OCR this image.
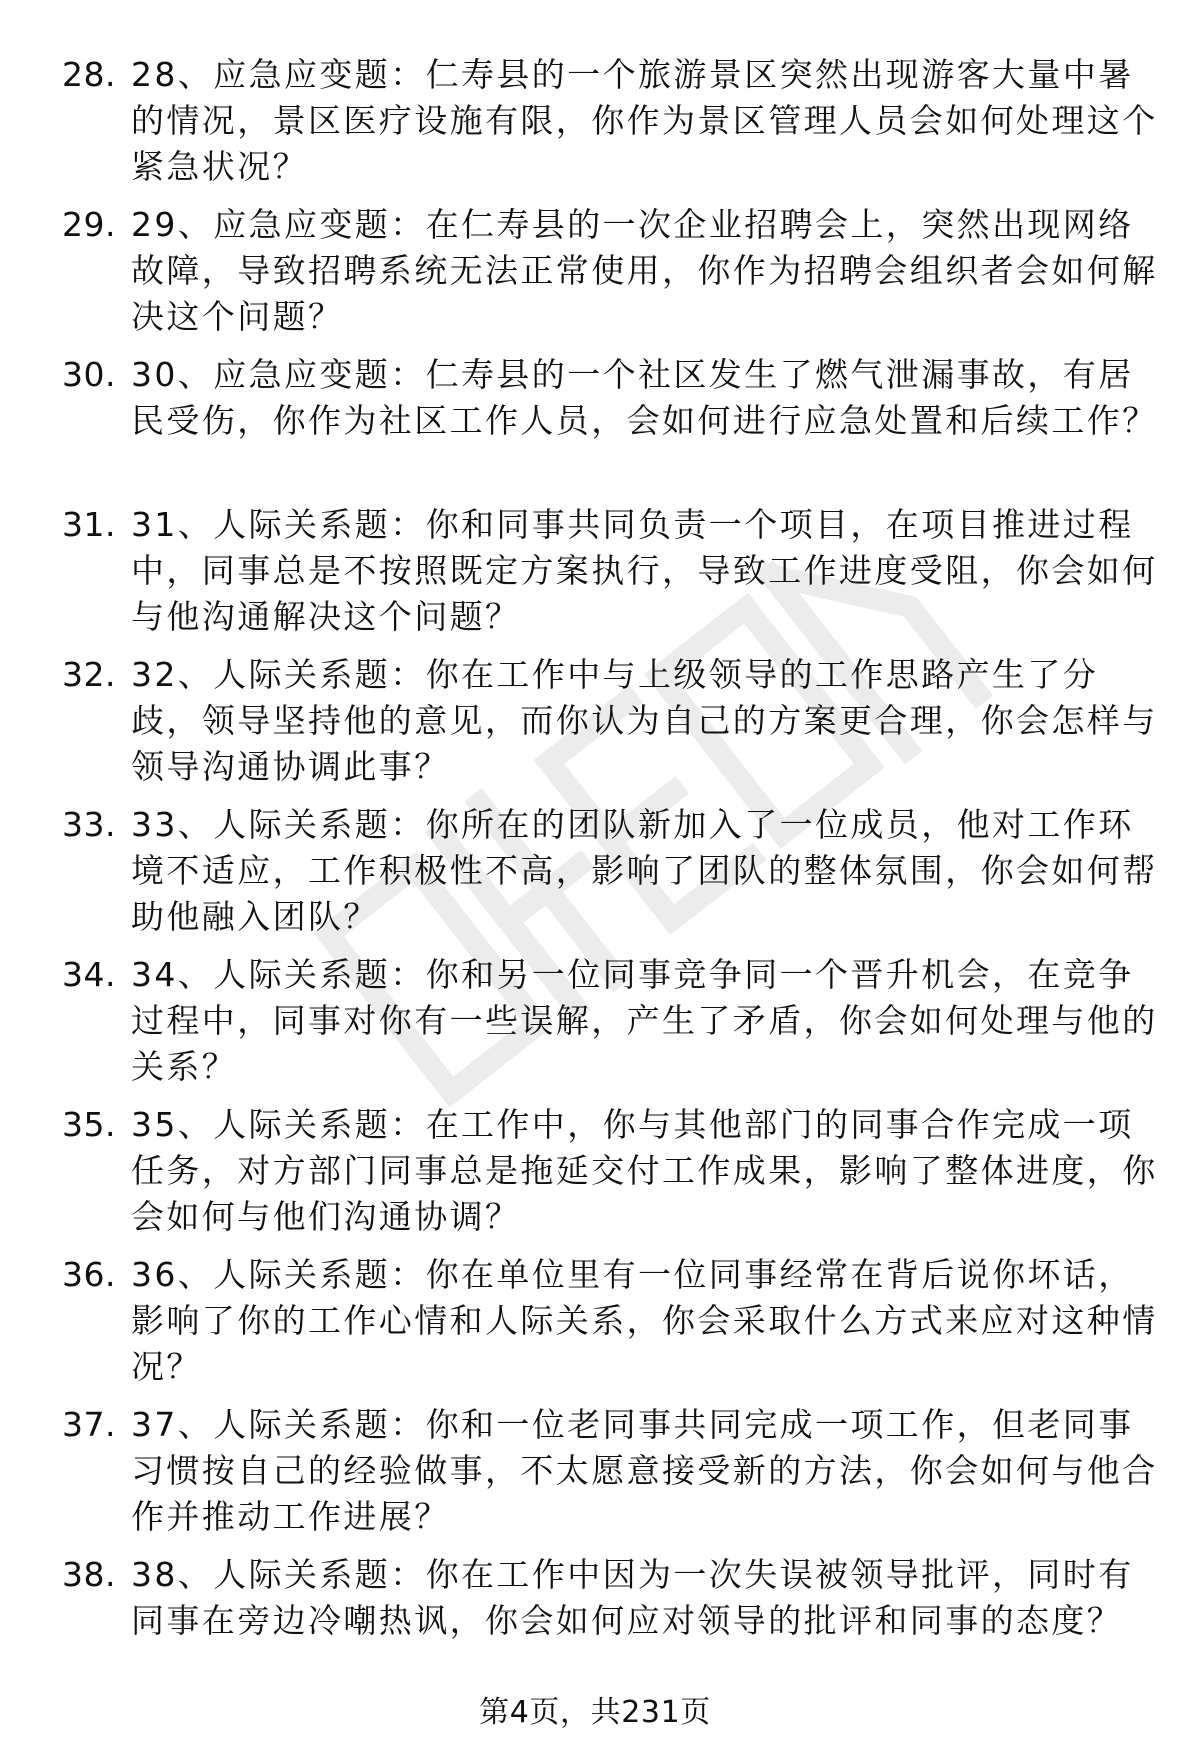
28. 28、应急应变题：仁寿县的一个旅游景区突然出现游客大量中暑的情况，景区医疗设施有限，你作为景区管理人员会如何处理这个紧急状况？
29. 29、应急应变题：在仁寿县的一次企业招聘会上，突然出现网络故障，导致招聘系统无法正常使用，你作为招聘会组织者会如何解决这个问题？
30. 30、应急应变题：仁寿县的一个社区发生了燃气泄漏事故，有居民受伤，你作为社区工作人员，会如何进行应急处置和后续工作？
31. 31、人际关系题：你和同事共同负责一个项目，在项目推进过程中，同事总是不按照既定方案执行，导致工作进度受阻，你会如何与他沟通解决这个问题？
32. 32、人际关系题：你在工作中与上级领导的工作思路产生了分歧，领导坚持他的意见，而你认为自己的方案更合理，你会怎样与领导沟通协调此事？
33. 33、人际关系题：你所在的团队新加入了一位成员，他对工作环境不适应，工作积极性不高，影响了团队的整体氛围，你会如何帮助他融入团队？
34. 34、人际关系题：你和另一位同事竞争同一个晋升机会，在竞争过程中，同事对你有一些误解，产生了矛盾，你会如何处理与他的关系？
35. 35、人际关系题：在工作中，你与其他部门的同事合作完成一项任务，对方部门同事总是拖延交付工作成果，影响了整体进度，你会如何与他们沟通协调？
36. 36、人际关系题：你在单位里有一位同事经常在背后说你坏话，影响了你的工作心情和人际关系，你会采取什么方式来应对这种情况？
37. 37、人际关系题：你和一位老同事共同完成一项工作，但老同事习惯按自己的经验做事，不太愿意接受新的方法，你会如何与他合作并推动工作进展？
38. 38、人际关系题：你在工作中因为一次失误被领导批评，同时有同事在旁边冷嘲热讽，你会如何应对领导的批评和同事的态度？
第4页，共231页
